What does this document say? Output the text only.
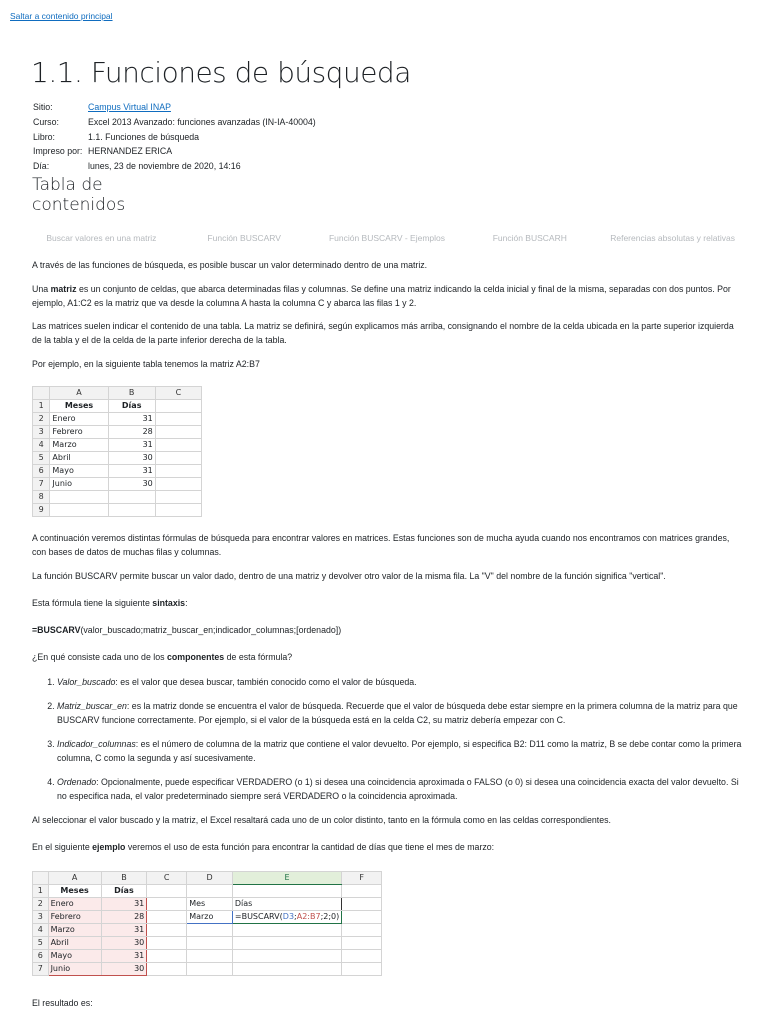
Saltar a contenido principal
1.1. Funciones de búsqueda
Sitio:	Campus Virtual INAP
Curso:	Excel 2013 Avanzado: funciones avanzadas (IN-IA-40004)
Libro:	1.1. Funciones de búsqueda
Impreso por: HERNANDEZ ERICA
Día:	lunes, 23 de noviembre de 2020, 14:16
Tabla de contenidos
Buscar valores en una matriz	Función BUSCARV	Función BUSCARV - Ejemplos	Función BUSCARH	Referencias absolutas y relativas

A través de las funciones de búsqueda, es posible buscar un valor determinado dentro de una matriz.

Una matriz es un conjunto de celdas, que abarca determinadas filas y columnas. Se define una matriz indicando la celda inicial y final de la misma, separadas con dos puntos. Por ejemplo, A1:C2 es la matriz que va desde la columna A hasta la columna C y abarca las filas 1 y 2.

Las matrices suelen indicar el contenido de una tabla. La matriz se definirá, según explicamos más arriba, consignando el nombre de la celda ubicada en la parte superior izquierda de la tabla y el de la celda de la parte inferior derecha de la tabla.

Por ejemplo, en la siguiente tabla tenemos la matriz A2:B7

A continuación veremos distintas fórmulas de búsqueda para encontrar valores en matrices. Estas funciones son de mucha ayuda cuando nos encontramos con matrices grandes, con bases de datos de muchas filas y columnas.

La función BUSCARV permite buscar un valor dado, dentro de una matriz y devolver otro valor de la misma fila. La "V" del nombre de la función significa "vertical".

Esta fórmula tiene la siguiente sintaxis:

=BUSCARV(valor_buscado;matriz_buscar_en;indicador_columnas;[ordenado])

¿En qué consiste cada uno de los componentes de esta fórmula?

1. Valor_buscado: es el valor que desea buscar, también conocido como el valor de búsqueda.
2. Matriz_buscar_en: es la matriz donde se encuentra el valor de búsqueda. Recuerde que el valor de búsqueda debe estar siempre en la primera columna de la matriz para que BUSCARV funcione correctamente. Por ejemplo, si el valor de la búsqueda está en la celda C2, su matriz debería empezar con C.
3. Indicador_columnas: es el número de columna de la matriz que contiene el valor devuelto. Por ejemplo, si especifica B2: D11 como la matriz, B se debe contar como la primera columna, C como la segunda y así sucesivamente.
4. Ordenado: Opcionalmente, puede especificar VERDADERO (o 1) si desea una coincidencia aproximada o FALSO (o 0) si desea una coincidencia exacta del valor devuelto. Si no especifica nada, el valor predeterminado siempre será VERDADERO o la coincidencia aproximada.

Al seleccionar el valor buscado y la matriz, el Excel resaltará cada uno de un color distinto, tanto en la fórmula como en las celdas correspondientes.

En el siguiente ejemplo veremos el uso de esta función para encontrar la cantidad de días que tiene el mes de marzo:

El resultado es:

	A	B	C
1	Meses	Días	
2	Enero	31	
3	Febrero	28	
4	Marzo	31	
5	Abril	30	
6	Mayo	31	
7	Junio	30	
8			
9			
	A	B	C	D	E	F
1	Meses	Días				
2	Enero	31		Mes	Días	
3	Febrero	28		Marzo	=BUSCARV(D3;A2:B7;2;0)	
4	Marzo	31				
5	Abril	30				
6	Mayo	31				
7	Junio	30				
